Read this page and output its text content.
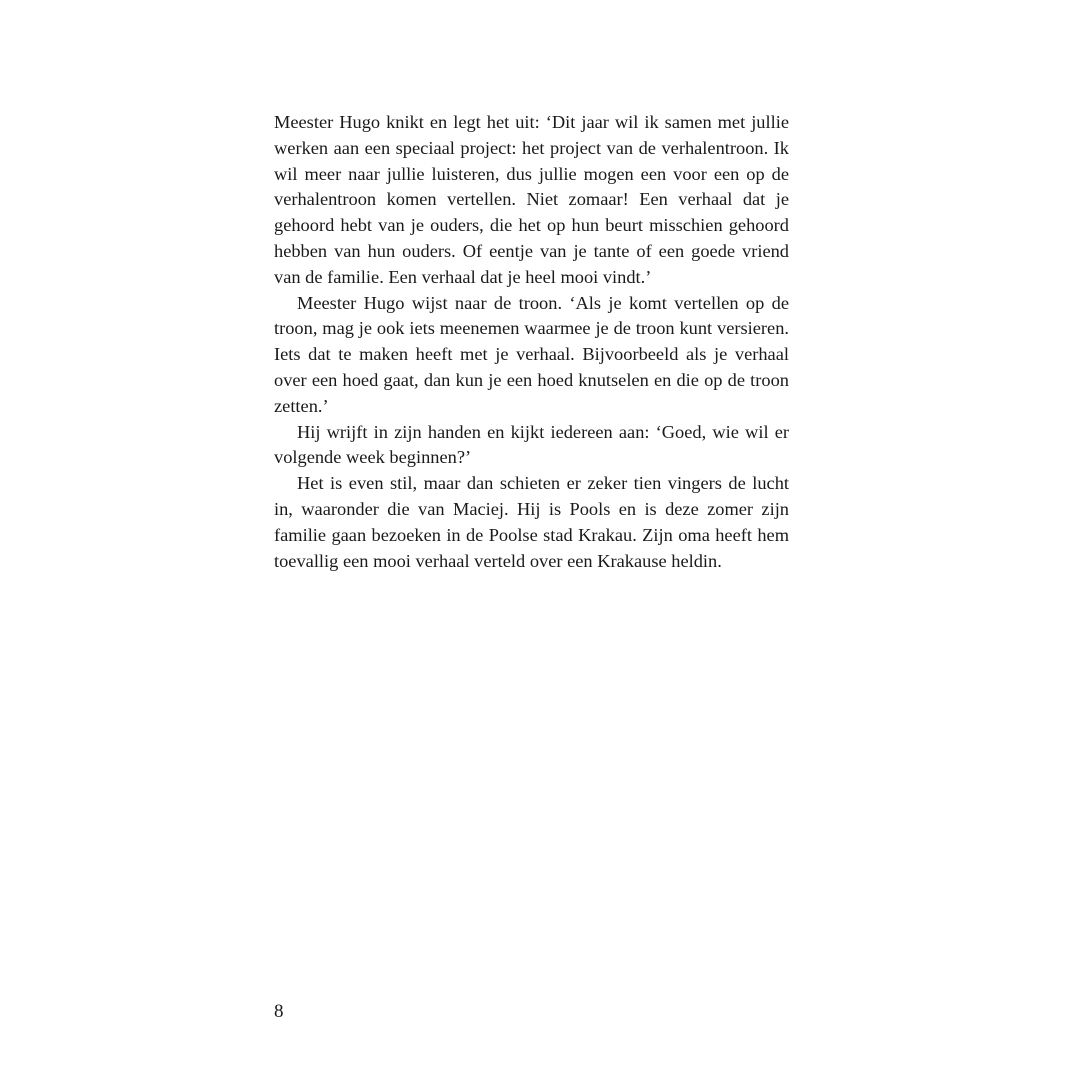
Meester Hugo knikt en legt het uit: ‘Dit jaar wil ik samen met jullie werken aan een speciaal project: het project van de verhalentroon. Ik wil meer naar jullie luisteren, dus jullie mogen een voor een op de verhalentroon komen vertellen. Niet zomaar! Een verhaal dat je gehoord hebt van je ouders, die het op hun beurt misschien gehoord hebben van hun ouders. Of eentje van je tante of een goede vriend van de familie. Een verhaal dat je heel mooi vindt.’

Meester Hugo wijst naar de troon. ‘Als je komt vertellen op de troon, mag je ook iets meenemen waarmee je de troon kunt versieren. Iets dat te maken heeft met je verhaal. Bijvoorbeeld als je verhaal over een hoed gaat, dan kun je een hoed knutselen en die op de troon zetten.’

Hij wrijft in zijn handen en kijkt iedereen aan: ‘Goed, wie wil er volgende week beginnen?’

Het is even stil, maar dan schieten er zeker tien vingers de lucht in, waaronder die van Maciej. Hij is Pools en is deze zomer zijn familie gaan bezoeken in de Poolse stad Krakau. Zijn oma heeft hem toevallig een mooi verhaal verteld over een Krakause heldin.

8
